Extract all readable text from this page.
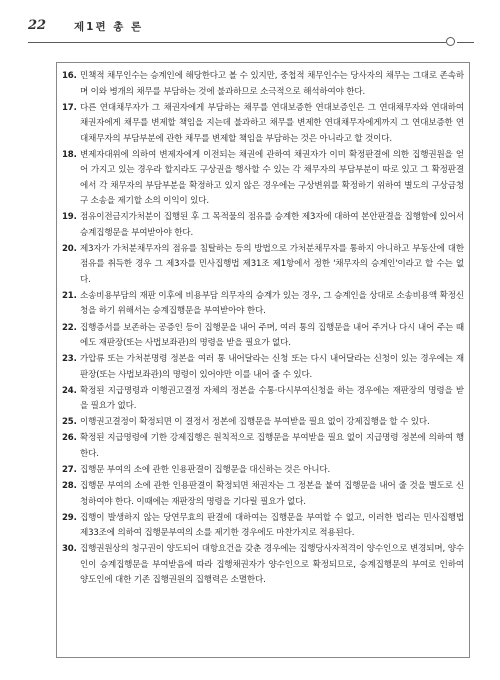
22	제1편 총 론
16. 민책적 채무인수는 승계인에 해당한다고 볼 수 있지만, 중첩적 채무인수는 당사자의 채무는 그대로 존속하며 이와 병개의 채무를 부담하는 것에 불과하므로 소극적으로 해석하여야 한다.
17. 다른 연대채무자가 그 채권자에게 부담하는 채무를 연대보증한 연대보증인은 그 연대채무자와 연대하여 채권자에게 채무를 변제할 책임을 지는데 불과하고 채무를 변제한 연대채무자에게까지 그 연대보증한 연대채무자의 부담부분에 관한 채무를 변제할 책임을 부담하는 것은 아니라고 할 것이다.
18. 변제자대위에 의하여 변제자에게 이전되는 채권에 관하여 채권자가 이미 확정판결에 의한 집행권원을 얻어 가지고 있는 경우라 할지라도 구상권을 행사할 수 있는 각 채무자의 부담부분이 따로 있고 그 확정판결에서 각 채무자의 부담부분을 확정하고 있지 않은 경우에는 구상변위를 확정하기 위하여 별도의 구상금청구 소송을 제기할 소의 이익이 있다.
19. 점유이전금지가처분이 집행된 후 그 목적물의 점유를 승계한 제3자에 대하여 본안판결을 집행함에 있어서 승계집행문을 부여받아야 한다.
20. 제3자가 가처분채무자의 점유를 침탈하는 등의 방법으로 가처분채무자를 통하지 아니하고 부동산에 대한 점유를 취득한 경우 그 제3자를 민사집행법 제31조 제1항에서 정한 '채무자의 승계인'이라고 할 수는 없다.
21. 소송비용부담의 재판 이후에 비용부담 의무자의 승계가 있는 경우, 그 승계인을 상대로 소송비용액 확정신청을 하기 위해서는 승계집행문을 부여받아야 한다.
22. 집행증서를 보존하는 공증인 등이 집행문을 내어 주며, 여러 통의 집행문을 내어 주거나 다시 내어 주는 때에도 재판장(또는 사법보좌관)의 명령을 받을 필요가 없다.
23. 가압류 또는 가처분명령 정본을 여러 통 내어달라는 신청 또는 다시 내어달라는 신청이 있는 경우에는 재판장(또는 사법보좌관)의 명령이 있어야만 이를 내어 줄 수 있다.
24. 확정된 지급명령과 이행권고결정 자체의 정본을 수통·다시부여신청을 하는 경우에는 재판장의 명령을 받을 필요가 없다.
25. 이행권고결정이 확정되면 이 결정서 정본에 집행문을 부여받을 필요 없이 강제집행을 할 수 있다.
26. 확정된 지급명령에 기한 강제집행은 원칙적으로 집행문을 부여받을 필요 없이 지급명령 정본에 의하여 행한다.
27. 집행문 부여의 소에 관한 인용판결이 집행문을 대신하는 것은 아니다.
28. 집행문 부여의 소에 관한 인용판결이 확정되면 채권자는 그 정본을 붙여 집행문을 내어 줄 것을 별도로 신청하여야 한다. 이때에는 재판장의 명령을 기다릴 필요가 없다.
29. 집행이 발생하지 않는 당연무효의 판결에 대하여는 집행문을 부여할 수 없고, 이러한 법리는 민사집행법 제33조에 의하여 집행문부여의 소를 제기한 경우에도 마찬가지로 적용된다.
30. 집행권원상의 청구권이 양도되어 대항요건을 갖춘 경우에는 집행당사자적격이 양수인으로 변경되며, 양수인이 승계집행문을 부여받음에 따라 집행채권자가 양수인으로 확정되므로, 승계집행문의 부여로 인하여 양도인에 대한 기존 집행권원의 집행력은 소멸한다.
